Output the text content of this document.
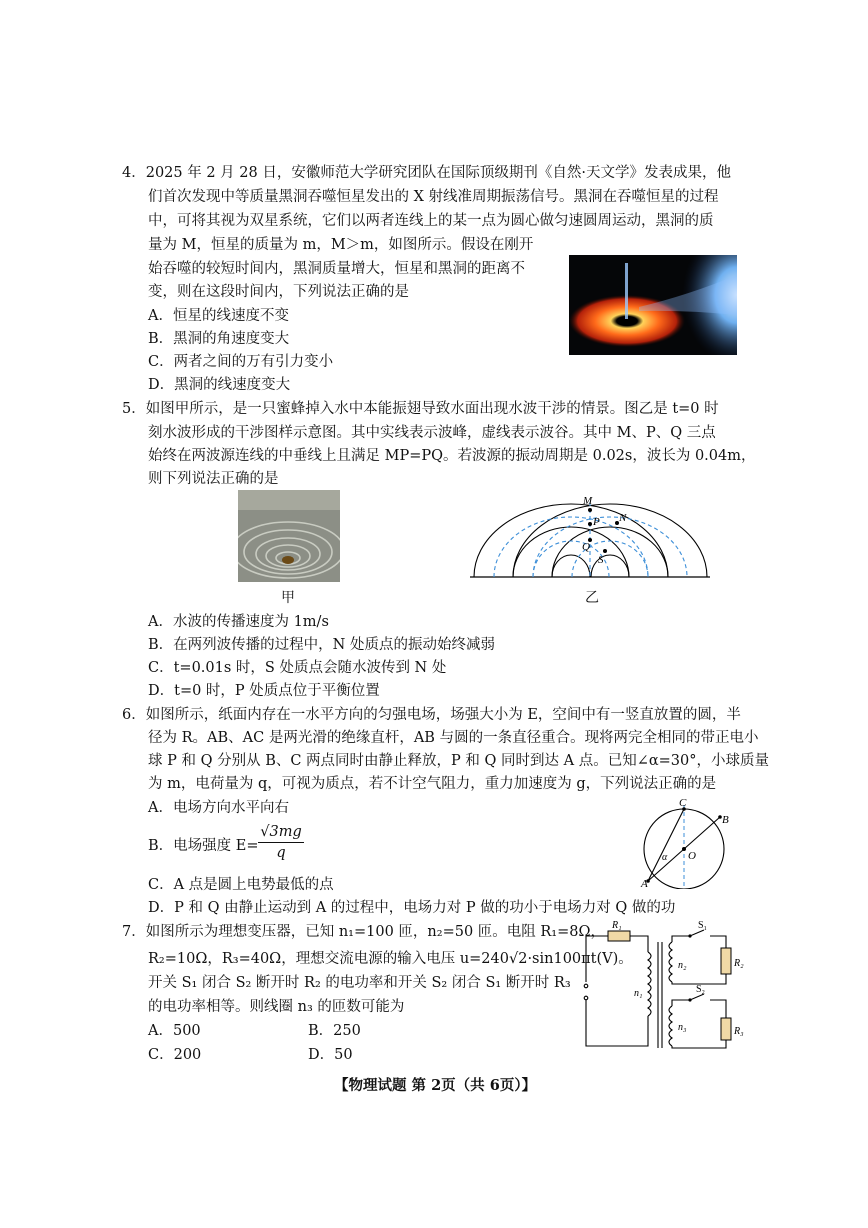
4．2025 年 2 月 28 日，安徽师范大学研究团队在国际顶级期刊《自然·天文学》发表成果，他
们首次发现中等质量黑洞吞噬恒星发出的 X 射线准周期振荡信号。黑洞在吞噬恒星的过程
中，可将其视为双星系统，它们以两者连线上的某一点为圆心做匀速圆周运动，黑洞的质
量为 M，恒星的质量为 m，M＞m，如图所示。假设在刚开
始吞噬的较短时间内，黑洞质量增大，恒星和黑洞的距离不
变，则在这段时间内，下列说法正确的是
A．恒星的线速度不变
B．黑洞的角速度变大
C．两者之间的万有引力变小
D．黑洞的线速度变大
5．如图甲所示，是一只蜜蜂掉入水中本能振翅导致水面出现水波干涉的情景。图乙是 t=0 时
刻水波形成的干涉图样示意图。其中实线表示波峰，虚线表示波谷。其中 M、P、Q 三点
始终在两波源连线的中垂线上且满足 MP=PQ。若波源的振动周期是 0.02s，波长为 0.04m，
则下列说法正确的是
甲
M
P N
Q
S
乙
A．水波的传播速度为 1m/s
B．在两列波传播的过程中，N 处质点的振动始终减弱
C．t=0.01s 时，S 处质点会随水波传到 N 处
D．t=0 时，P 处质点位于平衡位置
6．如图所示，纸面内存在一水平方向的匀强电场，场强大小为 E，空间中有一竖直放置的圆，半
径为 R。AB、AC 是两光滑的绝缘直杆，AB 与圆的一条直径重合。现将两完全相同的带正电小
球 P 和 Q 分别从 B、C 两点同时由静止释放，P 和 Q 同时到达 A 点。已知∠α=30°，小球质量
为 m，电荷量为 q，可视为质点，若不计空气阻力，重力加速度为 g，下列说法正确的是
A．电场方向水平向右
B．电场强度 $E= \frac{√3mg}{q}$
C．A 点是圆上电势最低的点
D．P 和 Q 由静止运动到 A 的过程中，电场力对 P 做的功小于电场力对 Q 做的功
C
B
O
A
α
7．如图所示为理想变压器，已知 n₁=100 匝，n₂=50 匝。电阻 R₁=8Ω，
R₂=10Ω，R₃=40Ω，理想交流电源的输入电压 u=240√2·sin100πt(V)。
开关 S₁ 闭合 S₂ 断开时 R₂ 的电功率和开关 S₂ 闭合 S₁ 断开时 R₃
的电功率相等。则线圈 n₃ 的匝数可能为
A．500	B．250
C．200	D．50
R₁	S₁
R₂
n₂
n₁	S₂
n₃	R₃
【物理试题 第 2页（共 6页）】
